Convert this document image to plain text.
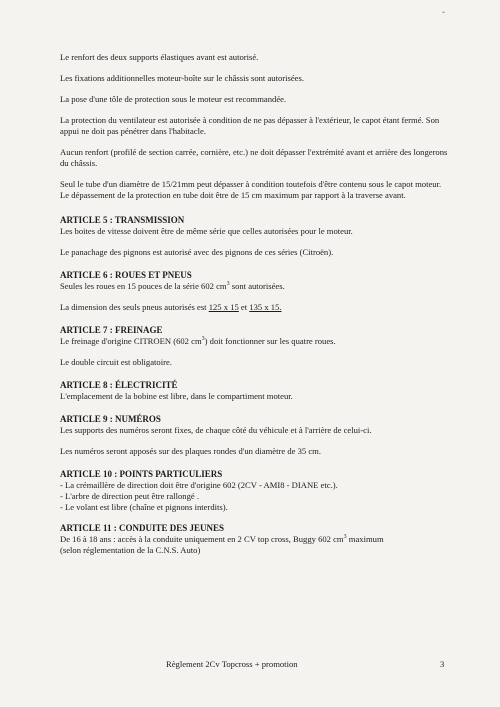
Le renfort des deux supports élastiques avant est autorisé.

Les fixations additionnelles moteur-boîte sur le châssis sont autorisées.

La pose d'une tôle de protection sous le moteur est recommandée.

La protection du ventilateur est autorisée à condition de ne pas dépasser à l'extérieur, le capot étant fermé. Son appui ne doit pas pénétrer dans l'habitacle.

Aucun renfort (profilé de section carrée, cornière, etc.) ne doit dépasser l'extrémité avant et arrière des longerons du châssis.

Seul le tube d'un diamètre de 15/21mm peut dépasser à condition toutefois d'être contenu sous le capot moteur. Le dépassement de la protection en tube doit être de 15 cm maximum par rapport à la traverse avant.

ARTICLE 5 : TRANSMISSION

Les boites de vitesse doivent être de même série que celles autorisées pour le moteur.

Le panachage des pignons est autorisé avec des pignons de ces séries (Citroën).

ARTICLE 6 : ROUES ET PNEUS

Seules les roues en 15 pouces de la série 602 $cm^3$ sont autorisées.

La dimension des seuls pneus autorisés est 125 x 15 et 135 x 15.

ARTICLE 7 : FREINAGE

Le freinage d'origine CITROEN (602 $cm^3$) doit fonctionner sur les quatre roues.

Le double circuit est obligatoire.

ARTICLE 8 : ÉLECTRICITÉ

L'emplacement de la bobine est libre, dans le compartiment moteur.

ARTICLE 9 : NUMÉROS

Les supports des numéros seront fixes, de chaque côté du véhicule et à l'arrière de celui-ci.

Les numéros seront apposés sur des plaques rondes d'un diamètre de 35 cm.

ARTICLE 10 : POINTS PARTICULIERS
- La crémaillère de direction doit être d'origine 602 (2CV - AMI8 - DIANE etc.).
- L'arbre de direction peut être rallongé .
- Le volant est libre (chaîne et pignons interdits).
ARTICLE 11 : CONDUITE DES JEUNES
De 16 à 18 ans : accès à la conduite uniquement en 2 CV top cross, Buggy 602 $cm^3$ maximum
(selon réglementation de la C.N.S. Auto)
Règlement 2Cv Topcross + promotion	3
ˇ
